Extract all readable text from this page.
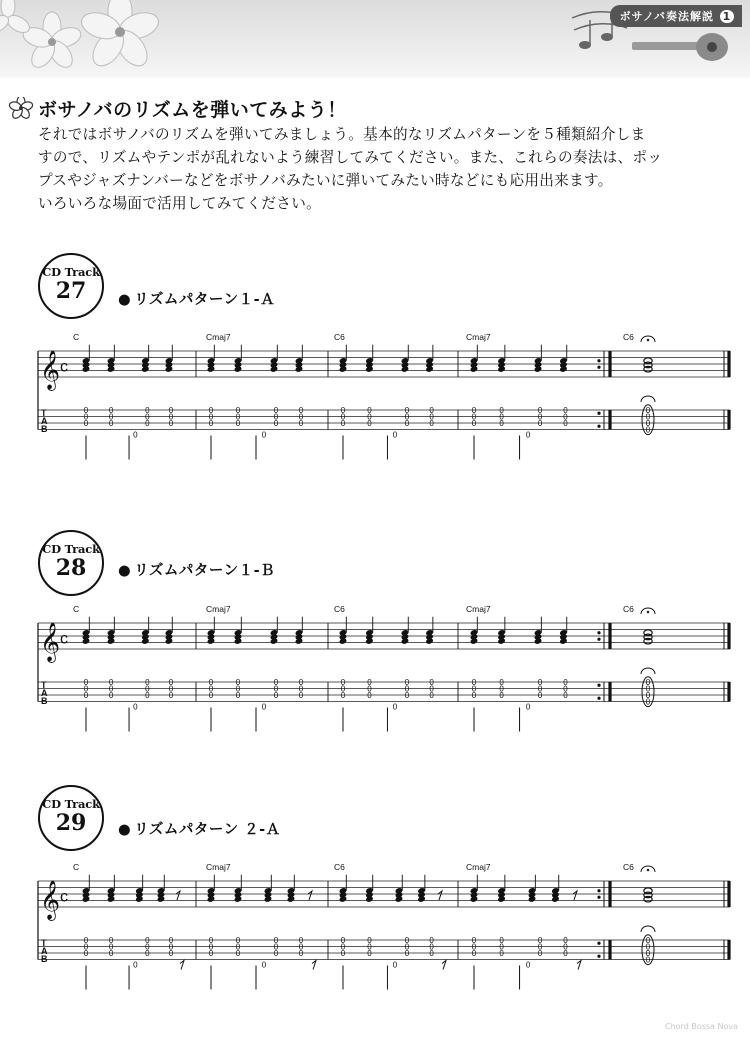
ボサノバ奏法解説 1
ボサノバのリズムを弾いてみよう！
それではボサノバのリズムを弾いてみましょう。基本的なリズムパターンを５種類紹介しま
すので、リズムやテンポが乱れないよう練習してみてください。また、これらの奏法は、ポッ
プスやジャズナンバーなどをボサノバみたいに弾いてみたい時などにも応用出来ます。
いろいろな場面で活用してみてください。
CD Track
27	● リズムパターン１-Ａ
𝄞 c
T
A
B
C	Cmaj7	C6	Cmaj7	C6
0
0
0
0
0
0
0
0
0
0
0
0
0
0
0
0
0
0
0
0
0
0
0
0
0
0
0
0
0
0
0
0
0
0
0
0
0
0
0
0
0
0
0
0
0
0
0
0
0
0
0
0
0
0
0
0
CD Track
28	● リズムパターン１-Ｂ
𝄞 c
T
A
B
C	Cmaj7	C6	Cmaj7	C6
0
0
0
0
0
0
0
0
0
0
0
0
0
0
0
0
0
0
0
0
0
0
0
0
0
0
0
0
0
0
0
0
0
0
0
0
0
0
0
0
0
0
0
0
0
0
0
0
0
0
0
0
0
0
0
0
CD Track
29	● リズムパターン ２-Ａ
𝄞 c
T
A
B
C	Cmaj7	C6	Cmaj7	C6
0
0
0
0
0
0
0
0
0
0
0
0
0
0
0
0
0
0
0
0
0
0
0
0
0
0
0
0
0
0
0
0
0
0
0
0
0
0
0
0
0
0
0
0
0
0
0
0
0
0
0
0
0
0
0
0
Chord Bossa Nova
